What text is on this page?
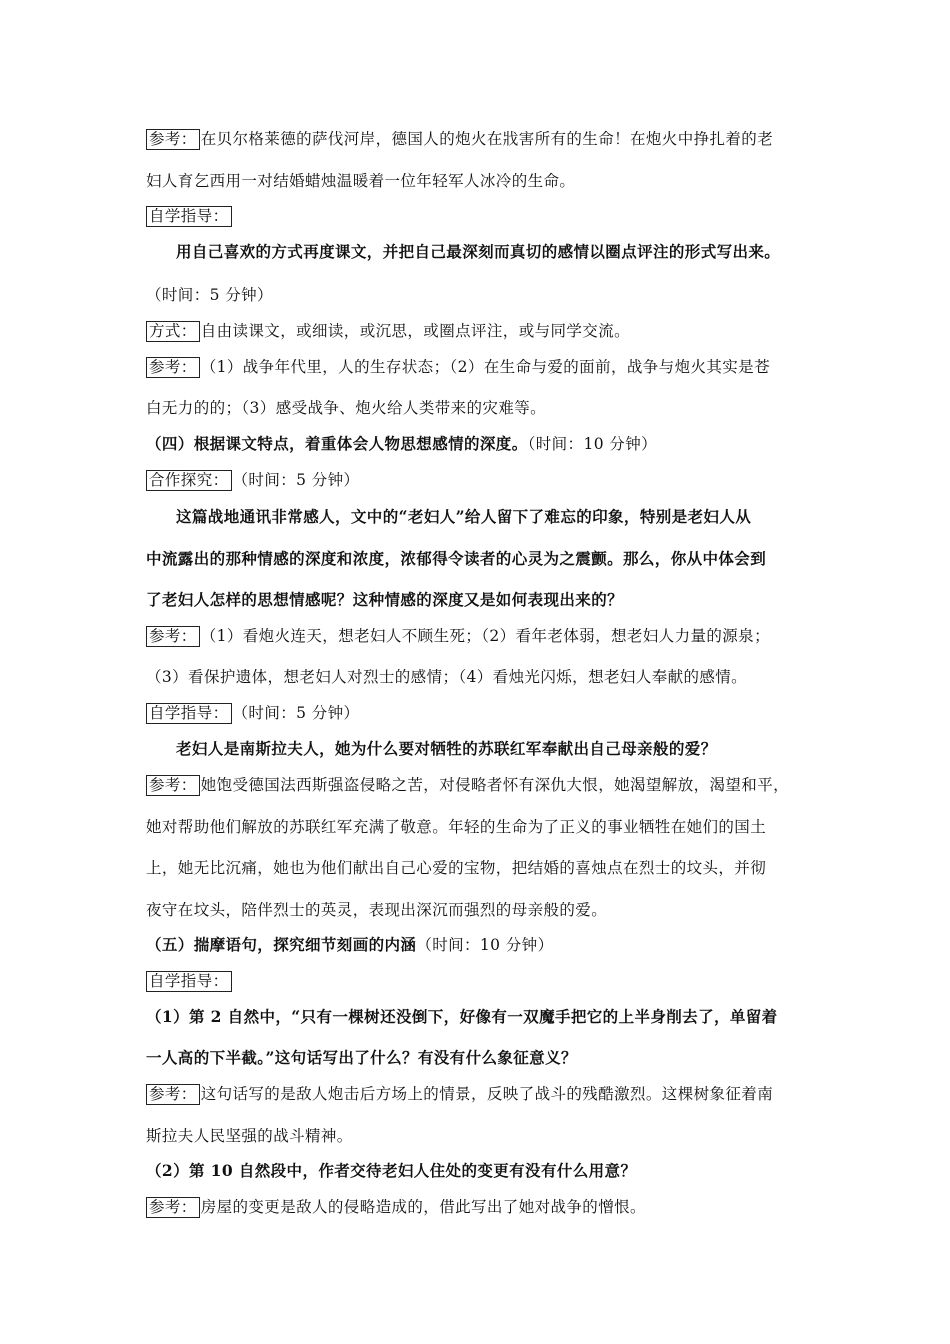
参考： 在贝尔格莱德的萨伐河岸，德国人的炮火在戕害所有的生命！在炮火中挣扎着的老
妇人育乞西用一对结婚蜡烛温暖着一位年轻军人冰冷的生命。
自学指导：
用自己喜欢的方式再度课文，并把自己最深刻而真切的感情以圈点评注的形式写出来。
（时间：5 分钟）
方式： 自由读课文，或细读，或沉思，或圈点评注，或与同学交流。
参考： （1）战争年代里，人的生存状态；（2）在生命与爱的面前，战争与炮火其实是苍
白无力的的；（3）感受战争、炮火给人类带来的灾难等。
（四）根据课文特点，着重体会人物思想感情的深度。（时间：10 分钟）
合作探究： （时间：5 分钟）
这篇战地通讯非常感人，文中的“老妇人”给人留下了难忘的印象，特别是老妇人从
中流露出的那种情感的深度和浓度，浓郁得令读者的心灵为之震颤。那么，你从中体会到
了老妇人怎样的思想情感呢？这种情感的深度又是如何表现出来的？
参考： （1）看炮火连天，想老妇人不顾生死；（2）看年老体弱，想老妇人力量的源泉；
（3）看保护遗体，想老妇人对烈士的感情；（4）看烛光闪烁，想老妇人奉献的感情。
自学指导： （时间：5 分钟）
老妇人是南斯拉夫人，她为什么要对牺牲的苏联红军奉献出自己母亲般的爱？
参考： 她饱受德国法西斯强盗侵略之苦，对侵略者怀有深仇大恨，她渴望解放，渴望和平，
她对帮助他们解放的苏联红军充满了敬意。年轻的生命为了正义的事业牺牲在她们的国土
上，她无比沉痛，她也为他们献出自己心爱的宝物，把结婚的喜烛点在烈士的坟头，并彻
夜守在坟头，陪伴烈士的英灵，表现出深沉而强烈的母亲般的爱。
（五）揣摩语句，探究细节刻画的内涵（时间：10 分钟）
自学指导：
（1）第 2 自然中，“只有一棵树还没倒下，好像有一双魔手把它的上半身削去了，单留着
一人高的下半截。”这句话写出了什么？有没有什么象征意义？
参考： 这句话写的是敌人炮击后方场上的情景，反映了战斗的残酷激烈。这棵树象征着南
斯拉夫人民坚强的战斗精神。
（2）第 10 自然段中，作者交待老妇人住处的变更有没有什么用意？
参考： 房屋的变更是敌人的侵略造成的，借此写出了她对战争的憎恨。
